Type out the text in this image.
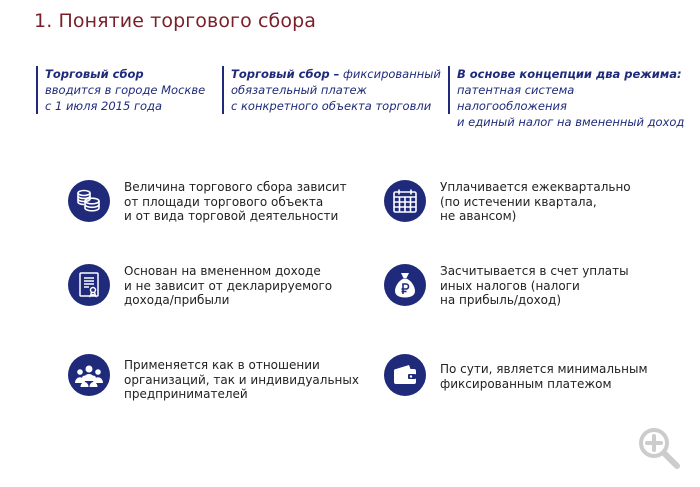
1. Понятие торгового сбора
Торговый сбор
вводится в городе Москве
с 1 июля 2015 года
Торговый сбор – фиксированный
обязательный платеж
с конкретного объекта торговли
В основе концепции два режима:
патентная система налогообложения
и единый налог на вмененный доход
Величина торгового сбора зависит
от площади торгового объекта
и от вида торговой деятельности
Основан на вмененном доходе
и не зависит от декларируемого
дохода/прибыли
Применяется как в отношении
организаций, так и индивидуальных
предпринимателей
Уплачивается ежеквартально
(по истечении квартала,
не авансом)
Засчитывается в счет уплаты
иных налогов (налоги
на прибыль/доход)
По сути, является минимальным
фиксированным платежом
